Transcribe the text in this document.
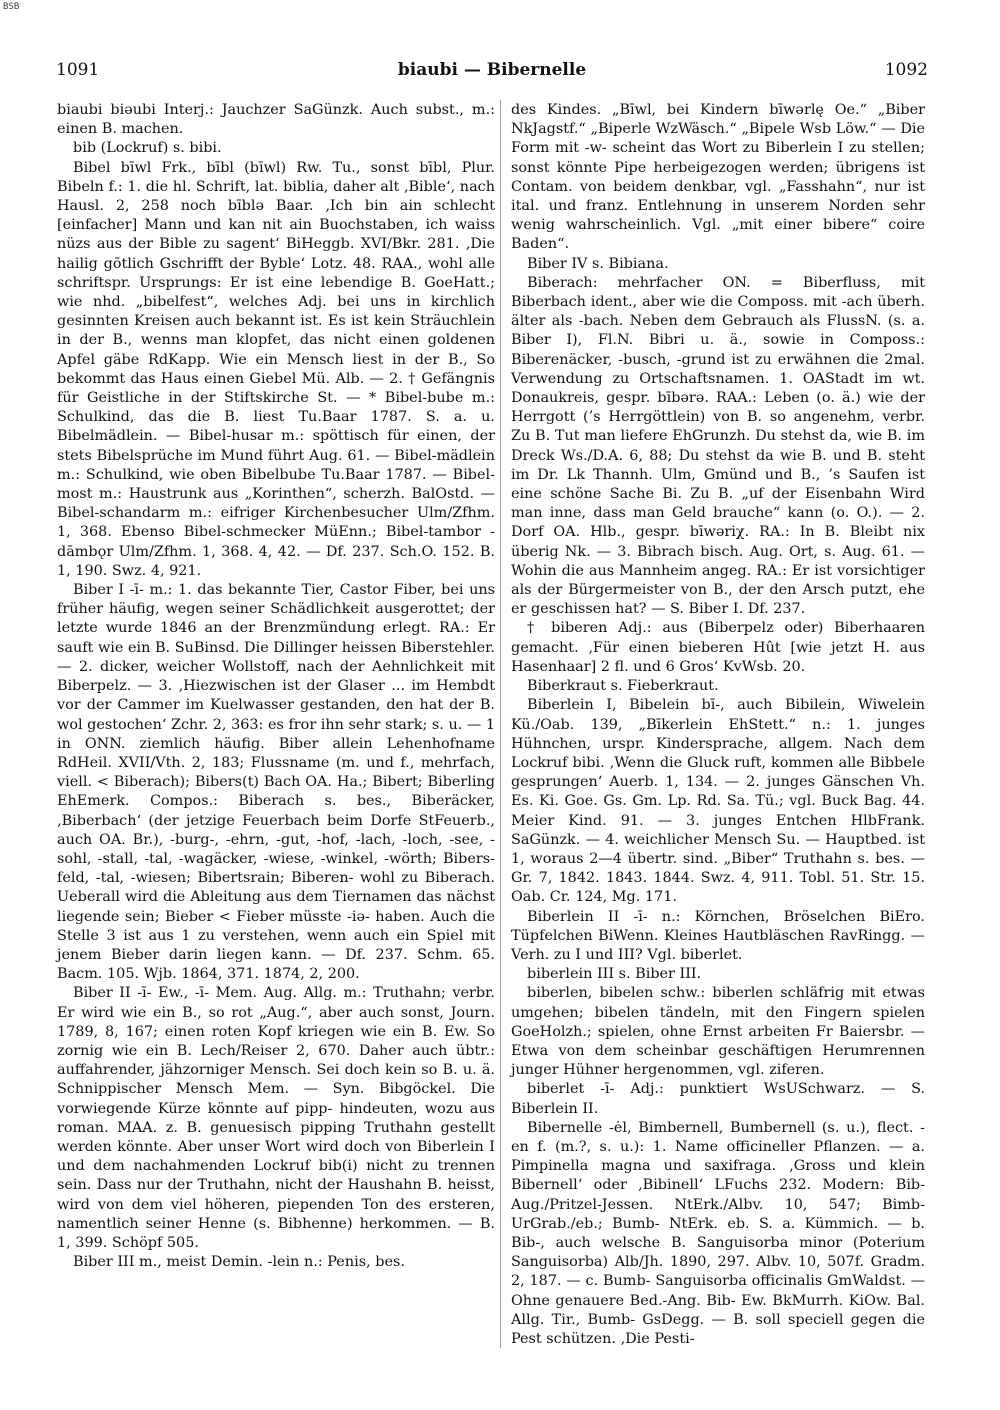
BSB
1091	biaubi — Bibernelle	1092

biaubi biəubi Interj.: Jauchzer SaGünzk. Auch subst., m.: einen B. machen.

bib (Lockruf) s. bibi.

Bibel bīwl Frk., bībl (bīwl) Rw. Tu., sonst bībl, Plur. Bibeln f.: 1. die hl. Schrift, lat. biblia, daher alt ‚Bible‘, nach Hausl. 2, 258 noch bīblə Baar. ‚Ich bin ain schlecht [einfacher] Mann und kan nit ain Buochstaben, ich waiss nüzs aus der Bible zu sagent‘ BiHeggb. XVI/Bkr. 281. ‚Die hailig gōtlich Gschrifft der Byble‘ Lotz. 48. RAA., wohl alle schriftspr. Ursprungs: Er ist eine lebendige B. GoeHatt.; wie nhd. „bibelfest“, welches Adj. bei uns in kirchlich gesinnten Kreisen auch bekannt ist. Es ist kein Sträuchlein in der B., wenns man klopfet, das nicht einen goldenen Apfel gäbe RdKapp. Wie ein Mensch liest in der B., So bekommt das Haus einen Giebel Mü. Alb. — 2. † Gefängnis für Geistliche in der Stiftskirche St. — * Bibel-bube m.: Schulkind, das die B. liest Tu.Baar 1787. S. a. u. Bibelmädlein. — Bibel-husar m.: spöttisch für einen, der stets Bibelsprüche im Mund führt Aug. 61. — Bibel-mädlein m.: Schulkind, wie oben Bibelbube Tu.Baar 1787. — Bibel-most m.: Haustrunk aus „Korinthen“, scherzh. BalOstd. — Bibel-schandarm m.: eifriger Kirchenbesucher Ulm/Zfhm. 1, 368. Ebenso Bibel-schmecker MüEnn.; Bibel-tambor -dāmbǫr Ulm/Zfhm. 1, 368. 4, 42. — Df. 237. Sch.O. 152. B. 1, 190. Swz. 4, 921.

Biber I -ī- m.: 1. das bekannte Tier, Castor Fiber, bei uns früher häufig, wegen seiner Schädlichkeit ausgerottet; der letzte wurde 1846 an der Brenzmündung erlegt. RA.: Er sauft wie ein B. SuBinsd. Die Dillinger heissen Biberstehler. — 2. dicker, weicher Wollstoff, nach der Aehnlichkeit mit Biberpelz. — 3. ‚Hiezwischen ist der Glaser ... im Hembdt vor der Cammer im Kuelwasser gestanden, den hat der B. wol gestochen‘ Zchr. 2, 363: es fror ihn sehr stark; s. u. — 1 in ONN. ziemlich häufig. Biber allein Lehenhofname RdHeil. XVII/Vth. 2, 183; Flussname (m. und f., mehrfach, viell. < Biberach); Bibers(t) Bach OA. Ha.; Bibert; Biberling EhEmerk. Compos.: Biberach s. bes., Biberäcker, ‚Biberbach‘ (der jetzige Feuerbach beim Dorfe StFeuerb., auch OA. Br.), -burg-, -ehrn, -gut, -hof, -lach, -loch, -see, -sohl, -stall, -tal, -wagäcker, -wiese, -winkel, -wörth; Bibers-feld, -tal, -wiesen; Bibertsrain; Biberen- wohl zu Biberach. Ueberall wird die Ableitung aus dem Tiernamen das nächst liegende sein; Bieber < Fieber müsste -iə- haben. Auch die Stelle 3 ist aus 1 zu verstehen, wenn auch ein Spiel mit jenem Bieber darin liegen kann. — Df. 237. Schm. 65. Bacm. 105. Wjb. 1864, 371. 1874, 2, 200.

Biber II -ī- Ew., -ī- Mem. Aug. Allg. m.: Truthahn; verbr. Er wird wie ein B., so rot „Aug.“, aber auch sonst, Journ. 1789, 8, 167; einen roten Kopf kriegen wie ein B. Ew. So zornig wie ein B. Lech/Reiser 2, 670. Daher auch übtr.: auffahrender, jähzorniger Mensch. Sei doch kein so B. u. ä. Schnippischer Mensch Mem. — Syn. Bibgöckel. Die vorwiegende Kürze könnte auf pipp- hindeuten, wozu aus roman. MAA. z. B. genuesisch pipping Truthahn gestellt werden könnte. Aber unser Wort wird doch von Biberlein I und dem nachahmenden Lockruf bib(i) nicht zu trennen sein. Dass nur der Truthahn, nicht der Haushahn B. heisst, wird von dem viel höheren, piependen Ton des ersteren, namentlich seiner Henne (s. Bibhenne) herkommen. — B. 1, 399. Schöpf 505.

Biber III m., meist Demin. -lein n.: Penis, bes.

des Kindes. „Bīwl, bei Kindern bīwərlę Oe.“ „Biber NkJagstf.“ „Biperle WzWäsch.“ „Bipele Wsb Löw.“ — Die Form mit -w- scheint das Wort zu Biberlein I zu stellen; sonst könnte Pipe herbeigezogen werden; übrigens ist Contam. von beidem denkbar, vgl. „Fasshahn“, nur ist ital. und franz. Entlehnung in unserem Norden sehr wenig wahrscheinlich. Vgl. „mit einer bibere“ coire Baden“.

Biber IV s. Bibiana.

Biberach: mehrfacher ON. = Biberfluss, mit Biberbach ident., aber wie die Composs. mit -ach überh. älter als -bach. Neben dem Gebrauch als FlussN. (s. a. Biber I), Fl.N. Bibri u. ä., sowie in Composs.: Biberenäcker, -busch, -grund ist zu erwähnen die 2mal. Verwendung zu Ortschaftsnamen. 1. OAStadt im wt. Donaukreis, gespr. bībərə. RAA.: Leben (o. ä.) wie der Herrgott (’s Herrgöttlein) von B. so angenehm, verbr. Zu B. Tut man liefere EhGrunzh. Du stehst da, wie B. im Dreck Ws./D.A. 6, 88; Du stehst da wie B. und B. steht im Dr. Lk Thannh. Ulm, Gmünd und B., ’s Saufen ist eine schöne Sache Bi. Zu B. „uf der Eisenbahn Wird man inne, dass man Geld brauche“ kann (o. O.). — 2. Dorf OA. Hlb., gespr. bīwəriχ. RA.: In B. Bleibt nix überig Nk. — 3. Bibrach bisch. Aug. Ort, s. Aug. 61. — Wohin die aus Mannheim angeg. RA.: Er ist vorsichtiger als der Bürgermeister von B., der den Arsch putzt, ehe er geschissen hat? — S. Biber I. Df. 237.

† biberen Adj.: aus (Biberpelz oder) Biberhaaren gemacht. ‚Für einen bieberen Hût [wie jetzt H. aus Hasenhaar] 2 fl. und 6 Gros‘ KvWsb. 20.

Biberkraut s. Fieberkraut.

Biberlein I, Bibelein bī-, auch Bibilein, Wiwelein Kü./Oab. 139, „Bīkerlein EhStett.“ n.: 1. junges Hühnchen, urspr. Kindersprache, allgem. Nach dem Lockruf bibi. ‚Wenn die Gluck ruft, kommen alle Bibbele gesprungen‘ Auerb. 1, 134. — 2. junges Gänschen Vh. Es. Ki. Goe. Gs. Gm. Lp. Rd. Sa. Tü.; vgl. Buck Bag. 44. Meier Kind. 91. — 3. junges Entchen HlbFrank. SaGünzk. — 4. weichlicher Mensch Su. — Hauptbed. ist 1, woraus 2—4 übertr. sind. „Biber“ Truthahn s. bes. — Gr. 7, 1842. 1843. 1844. Swz. 4, 911. Tobl. 51. Str. 15. Oab. Cr. 124, Mg. 171.

Biberlein II -ī- n.: Körnchen, Bröselchen BiEro. Tüpfelchen BiWenn. Kleines Hautbläschen RavRingg. — Verh. zu I und III? Vgl. biberlet.

biberlein III s. Biber III.

biberlen, bibelen schw.: biberlen schläfrig mit etwas umgehen; bibelen tändeln, mit den Fingern spielen GoeHolzh.; spielen, ohne Ernst arbeiten Fr Baiersbr. — Etwa von dem scheinbar geschäftigen Herumrennen junger Hühner hergenommen, vgl. ziferen.

biberlet -ī- Adj.: punktiert WsUSchwarz. — S. Biberlein II.

Bibernelle -ėl, Bimbernell, Bumbernell (s. u.), flect. -en f. (m.?, s. u.): 1. Name officineller Pflanzen. — a. Pimpinella magna und saxifraga. ‚Gross und klein Bibernell‘ oder ‚Bibinell‘ LFuchs 232. Modern: Bib- Aug./Pritzel-Jessen. NtErk./Albv. 10, 547; Bimb- UrGrab./eb.; Bumb- NtErk. eb. S. a. Kümmich. — b. Bib-, auch welsche B. Sanguisorba minor (Poterium Sanguisorba) Alb/Jh. 1890, 297. Albv. 10, 507f. Gradm. 2, 187. — c. Bumb- Sanguisorba officinalis GmWaldst. — Ohne genauere Bed.-Ang. Bib- Ew. BkMurrh. KiOw. Bal. Allg. Tir., Bumb- GsDegg. — B. soll speciell gegen die Pest schützen. ‚Die Pesti-
